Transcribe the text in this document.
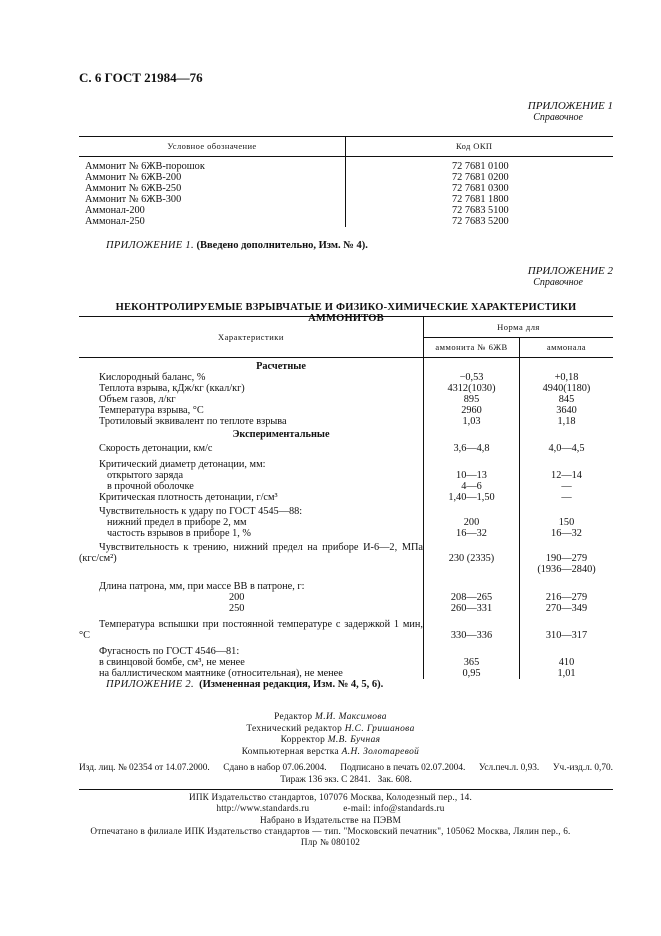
С. 6 ГОСТ 21984—76
ПРИЛОЖЕНИЕ 1
Справочное
Условное обозначение	Код ОКП
Аммонит № 6ЖВ-порошок	72 7681 0100
Аммонит № 6ЖВ-200	72 7681 0200
Аммонит № 6ЖВ-250	72 7681 0300
Аммонит № 6ЖВ-300	72 7681 1800
Аммонал-200	72 7683 5100
Аммонал-250	72 7683 5200
ПРИЛОЖЕНИЕ 1. (Введено дополнительно, Изм. № 4).
ПРИЛОЖЕНИЕ 2
Справочное
НЕКОНТРОЛИРУЕМЫЕ ВЗРЫВЧАТЫЕ И ФИЗИКО-ХИМИЧЕСКИЕ ХАРАКТЕРИСТИКИ АММОНИТОВ
Характеристики	Норма для	
	аммонита № 6ЖВ	аммонала
Расчетные		
Кислородный баланс, %	−0,53	+0,18
Теплота взрыва, кДж/кг (ккал/кг)	4312(1030)	4940(1180)
Объем газов, л/кг	895	845
Температура взрыва, °С	2960	3640
Тротиловый эквивалент по теплоте взрыва	1,03	1,18
Экспериментальные		
Скорость детонации, км/с	3,6—4,8	4,0—4,5
Критический диаметр детонации, мм:		
открытого заряда	10—13	12—14
в прочной оболочке	4—6	—
Критическая плотность детонации, г/см³	1,40—1,50	—
Чувствительность к удару по ГОСТ 4545—88:		
нижний предел в приборе 2, мм	200	150
частость взрывов в приборе 1, %	16—32	16—32
Чувствительность к трению, нижний предел на приборе И-6—2, МПа (кгс/см²)	230 (2335)	190—279
(1936—2840)

Длина патрона, мм, при массе ВВ в патроне, г:		
200	208—265	216—279
250	260—331	270—349
Температура вспышки при постоянной температуре с задержкой 1 мин, °С	330—336	310—317
Фугасность по ГОСТ 4546—81:		
в свинцовой бомбе, см³, не менее	365	410
на баллистическом маятнике (относительная), не менее	0,95	1,01
ПРИЛОЖЕНИЕ 2. (Измененная редакция, Изм. № 4, 5, 6).
Редактор М.И. Максимова
Технический редактор Н.С. Гришанова
Корректор М.В. Бучная
Компьютерная верстка А.Н. Золотаревой
Изд. лиц. № 02354 от 14.07.2000. Сдано в набор 07.06.2004. Подписано в печать 02.07.2004. Усл.печ.л. 0,93. Уч.-изд.л. 0,70.
Тираж 136 экз. С 2841. Зак. 608.
ИПК Издательство стандартов, 107076 Москва, Колодезный пер., 14.
http://www.standards.ru	e-mail: info@standards.ru
Набрано в Издательстве на ПЭВМ
Отпечатано в филиале ИПК Издательство стандартов — тип. "Московский печатник", 105062 Москва, Лялин пер., 6.
Плр № 080102
